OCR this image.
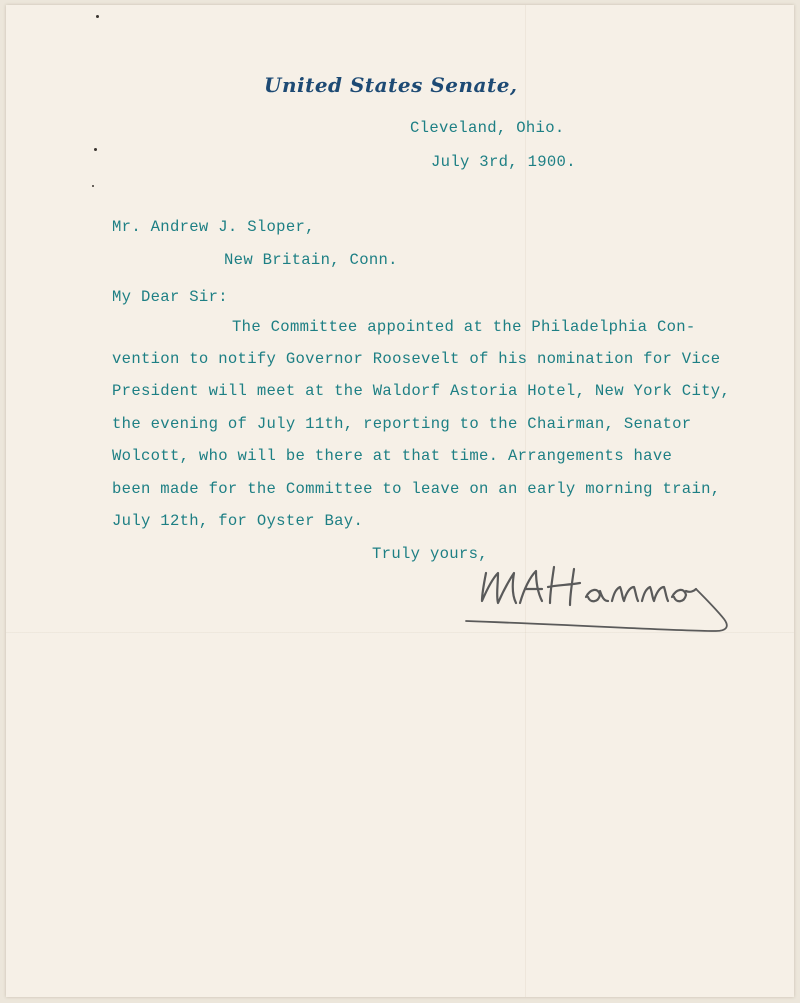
United States Senate,
Cleveland, Ohio.
July 3rd, 1900.
Mr. Andrew J. Sloper,
New Britain, Conn.
My Dear Sir:
The Committee appointed at the Philadelphia Con-
vention to notify Governor Roosevelt of his nomination for Vice
President will meet at the Waldorf Astoria Hotel, New York City,
the evening of July 11th, reporting to the Chairman, Senator
Wolcott, who will be there at that time. Arrangements have
been made for the Committee to leave on an early morning train,
July 12th, for Oyster Bay.
Truly yours,
